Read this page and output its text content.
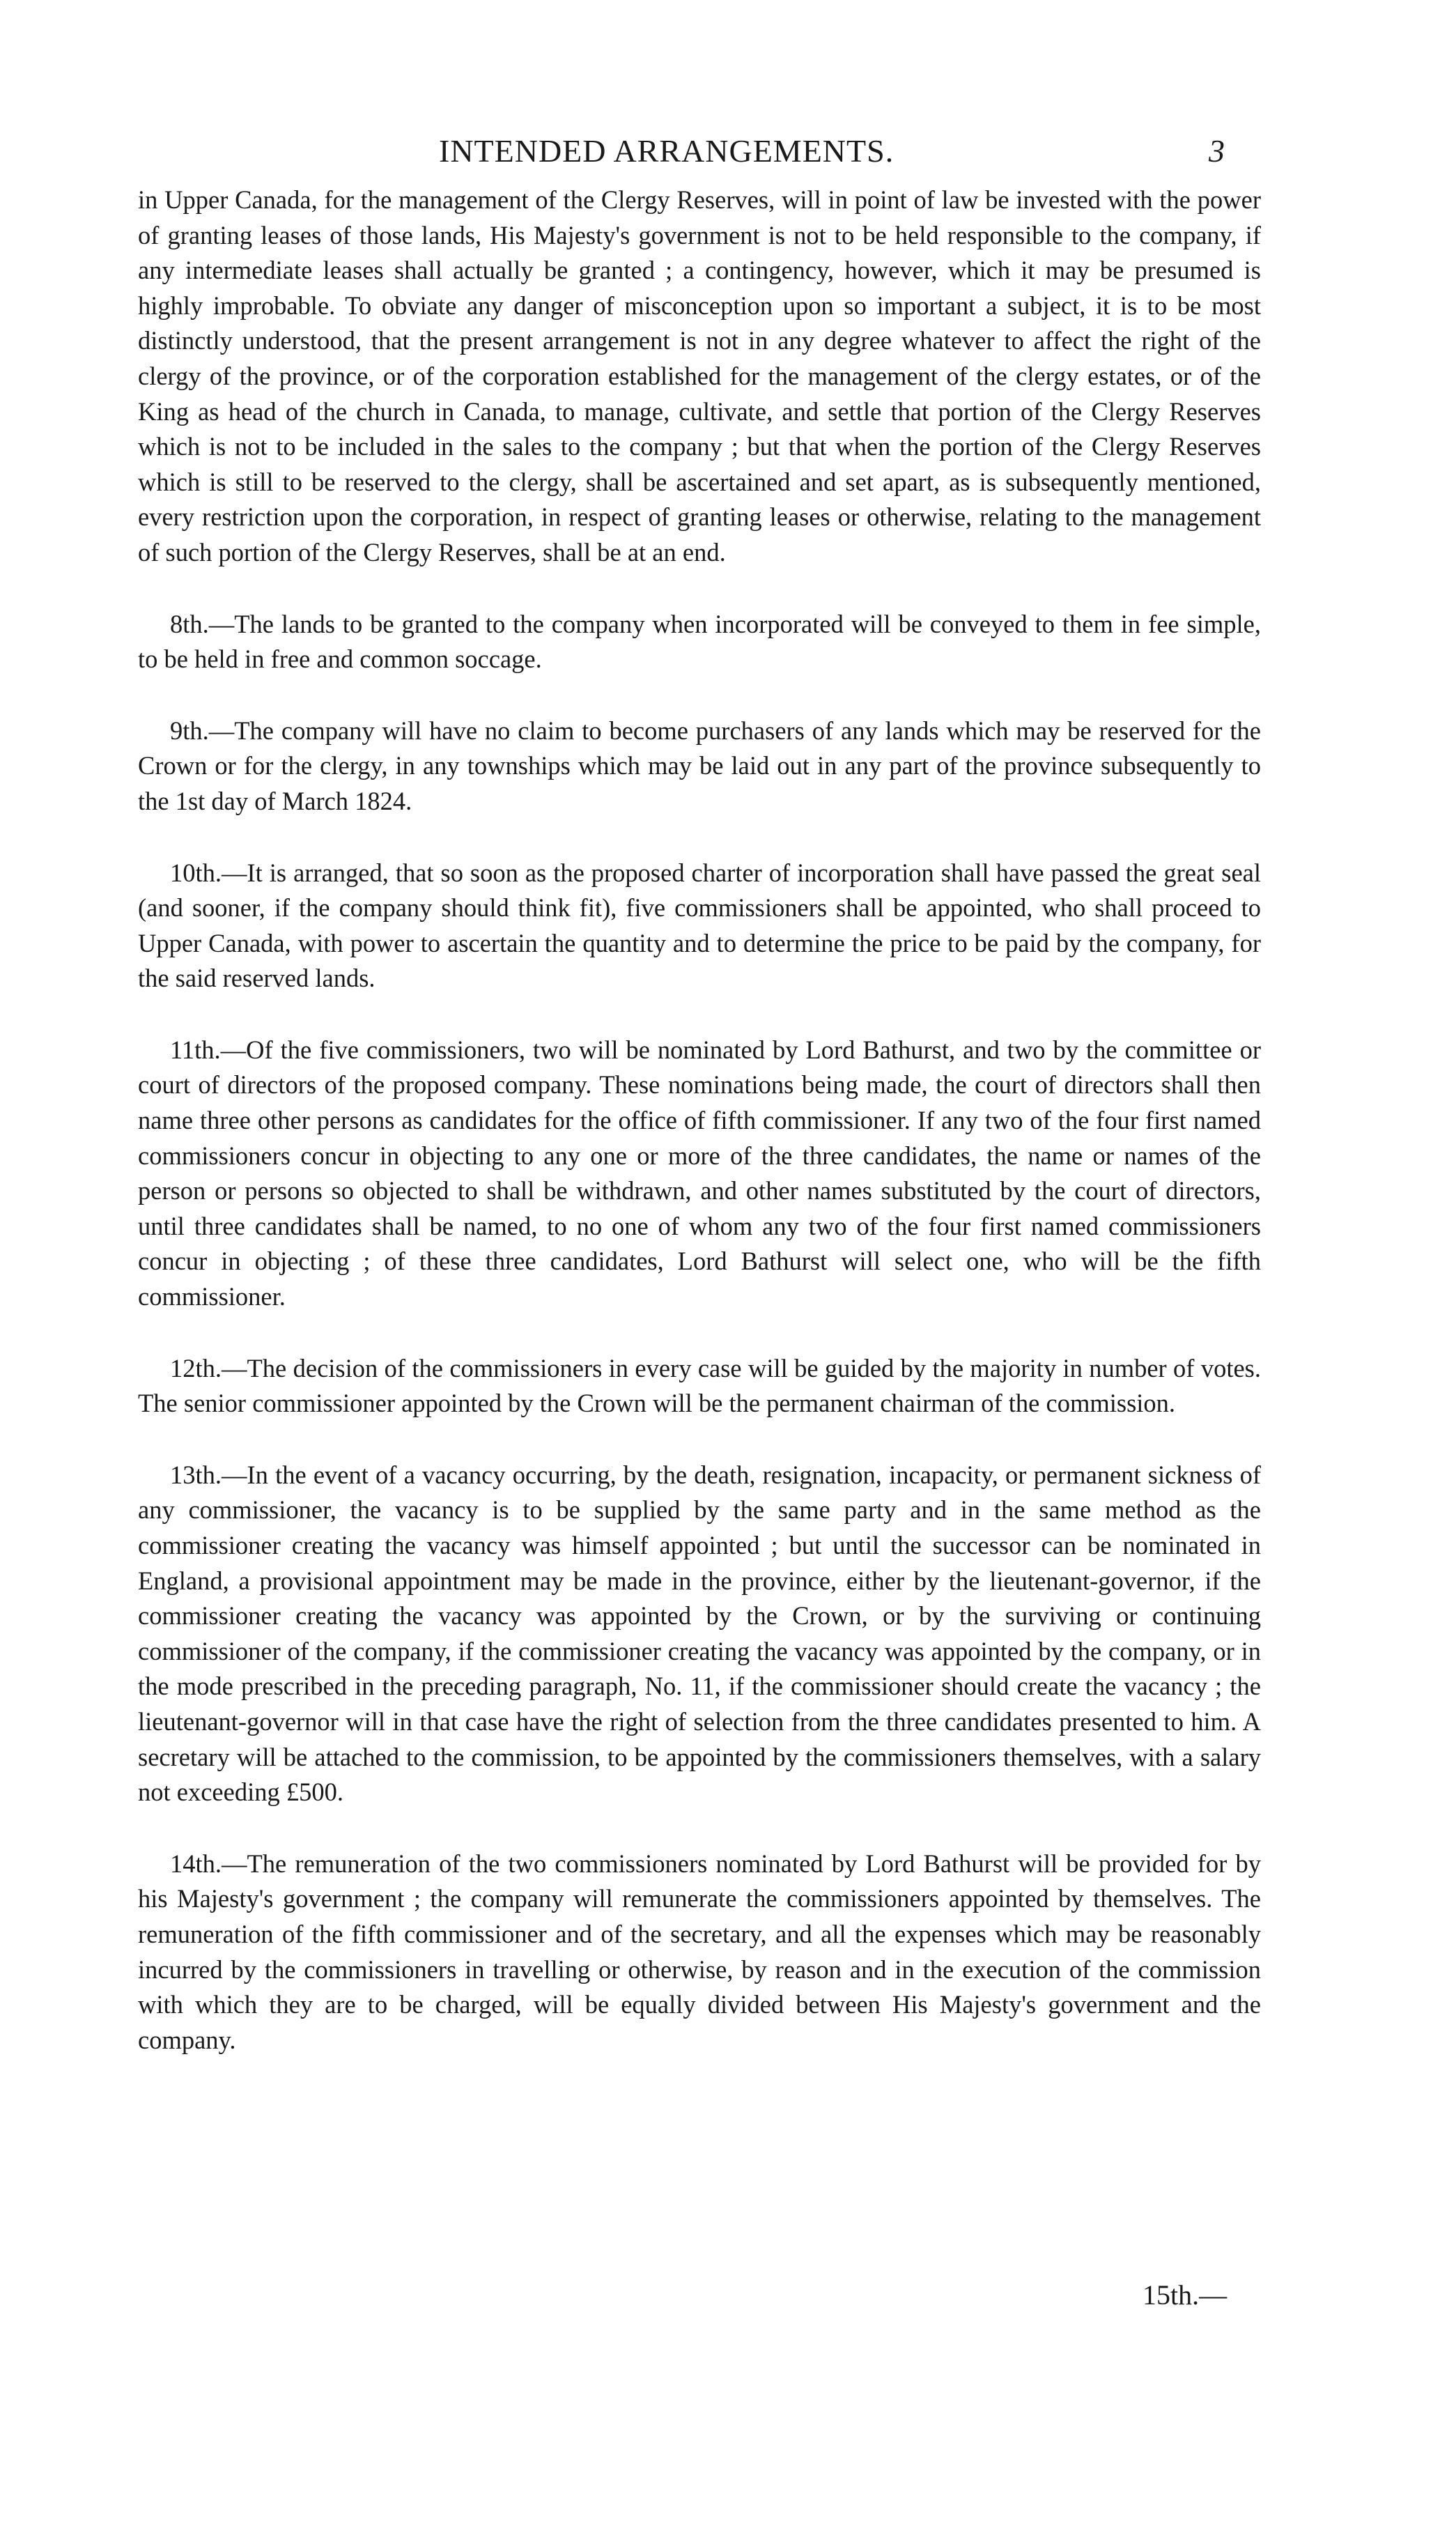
INTENDED ARRANGEMENTS.	3

in Upper Canada, for the management of the Clergy Reserves, will in point of law be invested with the power of granting leases of those lands, His Majesty's government is not to be held responsible to the company, if any intermediate leases shall actually be granted ; a contingency, however, which it may be presumed is highly improbable. To obviate any danger of misconception upon so important a subject, it is to be most distinctly understood, that the present arrangement is not in any degree whatever to affect the right of the clergy of the province, or of the corporation established for the management of the clergy estates, or of the King as head of the church in Canada, to manage, cultivate, and settle that portion of the Clergy Reserves which is not to be included in the sales to the company ; but that when the portion of the Clergy Reserves which is still to be reserved to the clergy, shall be ascertained and set apart, as is subsequently mentioned, every restriction upon the corporation, in respect of granting leases or otherwise, relating to the management of such portion of the Clergy Reserves, shall be at an end.

8th.—The lands to be granted to the company when incorporated will be conveyed to them in fee simple, to be held in free and common soccage.

9th.—The company will have no claim to become purchasers of any lands which may be reserved for the Crown or for the clergy, in any townships which may be laid out in any part of the province subsequently to the 1st day of March 1824.

10th.—It is arranged, that so soon as the proposed charter of incorporation shall have passed the great seal (and sooner, if the company should think fit), five commissioners shall be appointed, who shall proceed to Upper Canada, with power to ascertain the quantity and to determine the price to be paid by the company, for the said reserved lands.

11th.—Of the five commissioners, two will be nominated by Lord Bathurst, and two by the committee or court of directors of the proposed company. These nominations being made, the court of directors shall then name three other persons as candidates for the office of fifth commissioner. If any two of the four first named commissioners concur in objecting to any one or more of the three candidates, the name or names of the person or persons so objected to shall be withdrawn, and other names substituted by the court of directors, until three candidates shall be named, to no one of whom any two of the four first named commissioners concur in objecting ; of these three candidates, Lord Bathurst will select one, who will be the fifth commissioner.

12th.—The decision of the commissioners in every case will be guided by the majority in number of votes. The senior commissioner appointed by the Crown will be the permanent chairman of the commission.

13th.—In the event of a vacancy occurring, by the death, resignation, incapacity, or permanent sickness of any commissioner, the vacancy is to be supplied by the same party and in the same method as the commissioner creating the vacancy was himself appointed ; but until the successor can be nominated in England, a provisional appointment may be made in the province, either by the lieutenant-governor, if the commissioner creating the vacancy was appointed by the Crown, or by the surviving or continuing commissioner of the company, if the commissioner creating the vacancy was appointed by the company, or in the mode prescribed in the preceding paragraph, No. 11, if the commissioner should create the vacancy ; the lieutenant-governor will in that case have the right of selection from the three candidates presented to him. A secretary will be attached to the commission, to be appointed by the commissioners themselves, with a salary not exceeding £500.

14th.—The remuneration of the two commissioners nominated by Lord Bathurst will be provided for by his Majesty's government ; the company will remunerate the commissioners appointed by themselves. The remuneration of the fifth commissioner and of the secretary, and all the expenses which may be reasonably incurred by the commissioners in travelling or otherwise, by reason and in the execution of the commission with which they are to be charged, will be equally divided between His Majesty's government and the company.

15th.—
